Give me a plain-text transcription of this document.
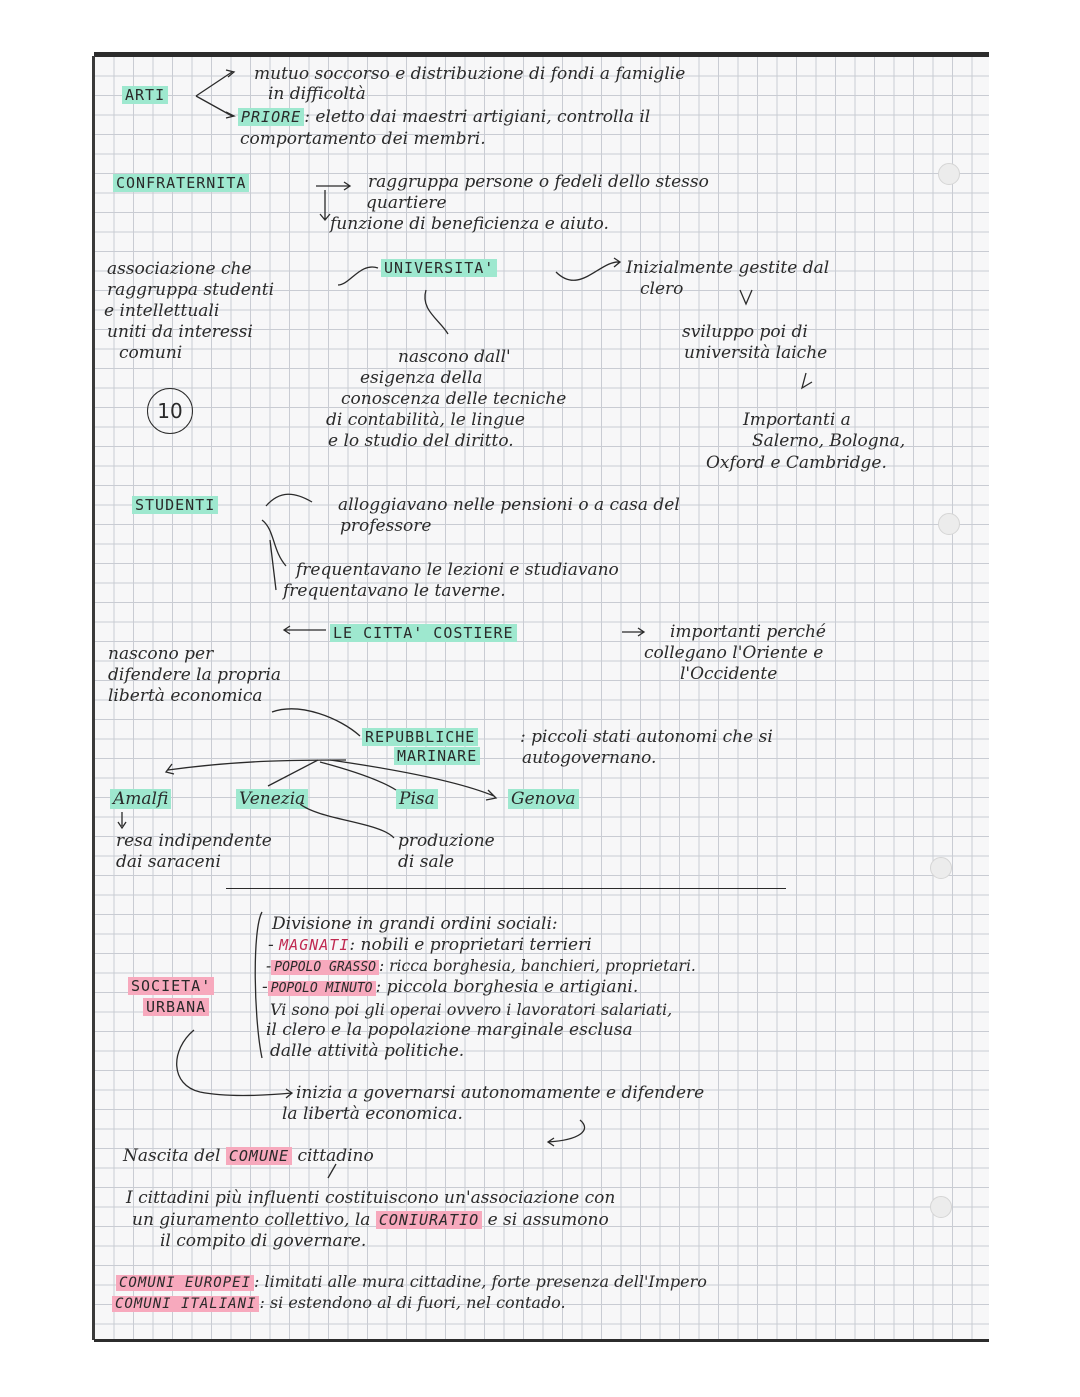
ARTI
mutuo soccorso e distribuzione di fondi a famiglie
in difficoltà
PRIORE : eletto dai maestri artigiani, controlla il
comportamento dei membri.
CONFRATERNITA	raggruppa persone o fedeli dello stesso
quartiere
funzione di beneficienza e aiuto.
UNIVERSITA'
associazione che
raggruppa studenti
e intellettuali
uniti da interessi
comuni
Inizialmente gestite dal
clero
sviluppo poi di
università laiche
nascono dall'
esigenza della
conoscenza delle tecniche
di contabilità, le lingue
e lo studio del diritto.
Importanti a
Salerno, Bologna,
Oxford e Cambridge.
10
STUDENTI	alloggiavano nelle pensioni o a casa del
professore
frequentavano le lezioni e studiavano
frequentavano le taverne.
LE CITTA' COSTIERE	importanti perché
collegano l'Oriente e
l'Occidente
nascono per
difendere la propria
libertà economica
REPUBBLICHE
MARINARE
: piccoli stati autonomi che si
autogovernano.
Amalfi	Venezia	Pisa	Genova
resa indipendente
dai saraceni
produzione
di sale
SOCIETA'
URBANA
Divisione in grandi ordini sociali:
- MAGNATI: nobili e proprietari terrieri
- POPOLO GRASSO : ricca borghesia, banchieri, proprietari.
- POPOLO MINUTO : piccola borghesia e artigiani.
Vi sono poi gli operai ovvero i lavoratori salariati,
il clero e la popolazione marginale esclusa
dalle attività politiche.
inizia a governarsi autonomamente e difendere
la libertà economica.
Nascita del COMUNE cittadino
I cittadini più influenti costituiscono un'associazione con
un giuramento collettivo, la CONIURATIO e si assumono
il compito di governare.
COMUNI EUROPEI : limitati alle mura cittadine, forte presenza dell'Impero
COMUNI ITALIANI : si estendono al di fuori, nel contado.
